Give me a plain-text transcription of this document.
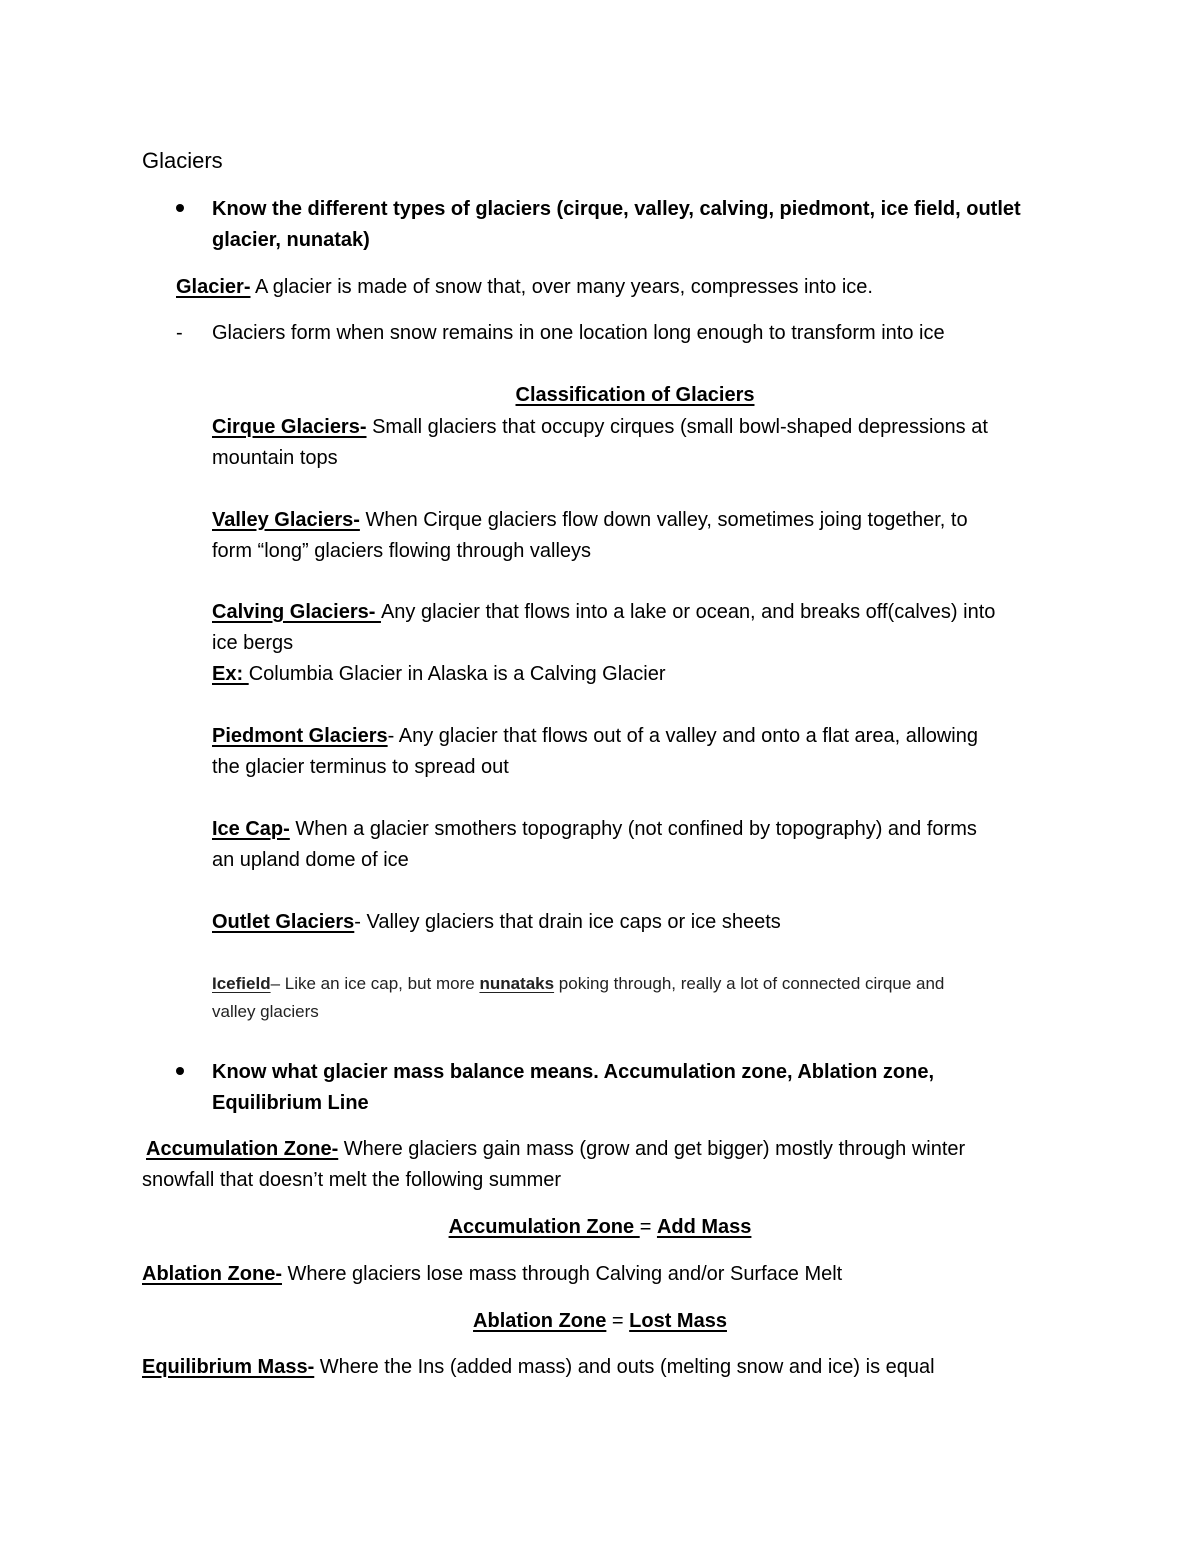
Glaciers
Know the different types of glaciers (cirque, valley, calving, piedmont, ice field, outlet
glacier, nunatak)
Glacier- A glacier is made of snow that, over many years, compresses into ice.
- Glaciers form when snow remains in one location long enough to transform into ice
Classification of Glaciers
Cirque Glaciers- Small glaciers that occupy cirques (small bowl-shaped depressions at
mountain tops
Valley Glaciers- When Cirque glaciers flow down valley, sometimes joing together, to
form “long” glaciers flowing through valleys
Calving Glaciers- Any glacier that flows into a lake or ocean, and breaks off(calves) into
ice bergs
Ex: Columbia Glacier in Alaska is a Calving Glacier
Piedmont Glaciers- Any glacier that flows out of a valley and onto a flat area, allowing
the glacier terminus to spread out
Ice Cap- When a glacier smothers topography (not confined by topography) and forms
an upland dome of ice
Outlet Glaciers- Valley glaciers that drain ice caps or ice sheets
Icefield– Like an ice cap, but more nunataks poking through, really a lot of connected cirque and
valley glaciers
Know what glacier mass balance means. Accumulation zone, Ablation zone,
Equilibrium Line
Accumulation Zone- Where glaciers gain mass (grow and get bigger) mostly through winter
snowfall that doesn’t melt the following summer
Accumulation Zone = Add Mass
Ablation Zone- Where glaciers lose mass through Calving and/or Surface Melt
Ablation Zone = Lost Mass
Equilibrium Mass- Where the Ins (added mass) and outs (melting snow and ice) is equal
